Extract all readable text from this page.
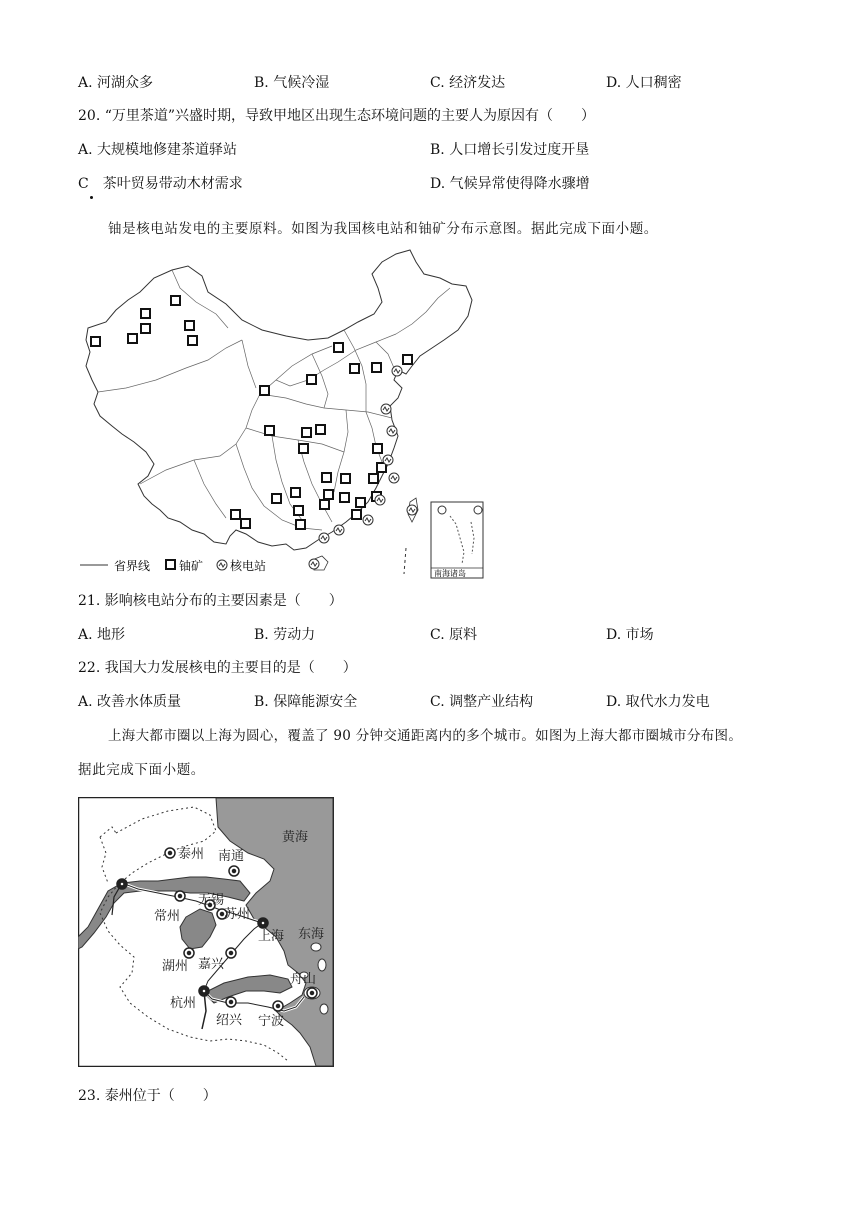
A. 河湖众多	B. 气候冷湿	C. 经济发达	D. 人口稠密
20. “万里茶道”兴盛时期，导致甲地区出现生态环境问题的主要人为原因有（　　）
A. 大规模地修建茶道驿站	B. 人口增长引发过度开垦
C　茶叶贸易带动木材需求	D. 气候异常使得降水骤增
铀是核电站发电的主要原料。如图为我国核电站和铀矿分布示意图。据此完成下面小题。
南海诸岛
省界线 铀矿 核电站
21. 影响核电站分布的主要因素是（　　）
A. 地形	B. 劳动力	C. 原料	D. 市场
22. 我国大力发展核电的主要目的是（　　）
A. 改善水体质量	B. 保障能源安全	C. 调整产业结构	D. 取代水力发电
上海大都市圈以上海为圆心，覆盖了 90 分钟交通距离内的多个城市。如图为上海大都市圈城市分布图。
据此完成下面小题。
黄海
东海
泰州 南通
常州
无锡
苏州
上海
湖州 嘉兴
杭州
舟山
绍兴 宁波
23. 泰州位于（　　）
